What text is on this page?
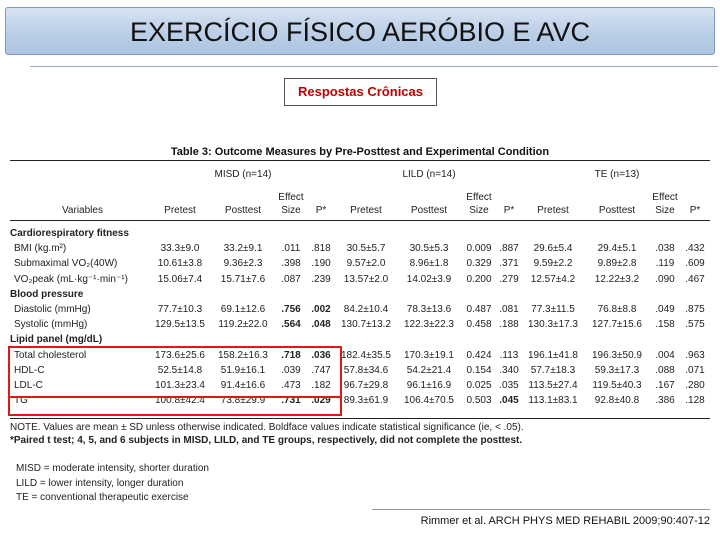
EXERCÍCIO FÍSICO AERÓBIO E AVC
Respostas Crônicas
Table 3: Outcome Measures by Pre-Posttest and Experimental Condition
MISD (n=14)	LILD (n=14)	TE (n=13)
Variables	Pretest	Posttest
Effect
Size	P*	Pretest	Posttest
Effect
Size	P*	Pretest	Posttest
Effect
Size	P*
Cardiorespiratory fitness
BMI (kg.m²)	33.3±9.0	33.2±9.1	.011	.818	30.5±5.7	30.5±5.3	0.009 .887	29.6±5.4	29.4±5.1	.038	.432
Submaximal VO₂(40W)	10.61±3.8	9.36±2.3	.398	.190	9.57±2.0	8.96±1.8	0.329 .371	9.59±2.2	9.89±2.8	.119	.609
VO₂peak (mL·kg⁻¹·min⁻¹)	15.06±7.4	15.71±7.6	.087	.239	13.57±2.0	14.02±3.9	0.200 .279	12.57±4.2	12.22±3.2	.090	.467
Blood pressure
Diastolic (mmHg)	77.7±10.3	69.1±12.6	.756	.002	84.2±10.4	78.3±13.6	0.487 .081	77.3±11.5	76.8±8.8	.049	.875
Systolic (mmHg)	129.5±13.5	119.2±22.0	.564	.048	130.7±13.2	122.3±22.3	0.458 .188 130.3±17.3	127.7±15.6	.158	.575
Lipid panel (mg/dL)
Total cholesterol	173.6±25.6	158.2±16.3	.718	.036	182.4±35.5	170.3±19.1	0.424 .113 196.1±41.8	196.3±50.9	.004	.963
HDL-C	52.5±14.8	51.9±16.1	.039	.747	57.8±34.6	54.2±21.4	0.154 .340	57.7±18.3	59.3±17.3	.088	.071
LDL-C	101.3±23.4	91.4±16.6	.473	.182	96.7±29.8	96.1±16.9	0.025 .035 113.5±27.4	119.5±40.3	.167	.280
TG	100.8±42.4	73.8±29.9	.731	.029	89.3±61.9	106.4±70.5	0.503 .045 113.1±83.1	92.8±40.8	.386	.128
NOTE. Values are mean ± SD unless otherwise indicated. Boldface values indicate statistical significance (ie, < .05).
*Paired t test; 4, 5, and 6 subjects in MISD, LILD, and TE groups, respectively, did not complete the posttest.
MISD = moderate intensity, shorter duration
LILD = lower intensity, longer duration
TE = conventional therapeutic exercise
Rimmer et al. ARCH PHYS MED REHABIL 2009;90:407-12
